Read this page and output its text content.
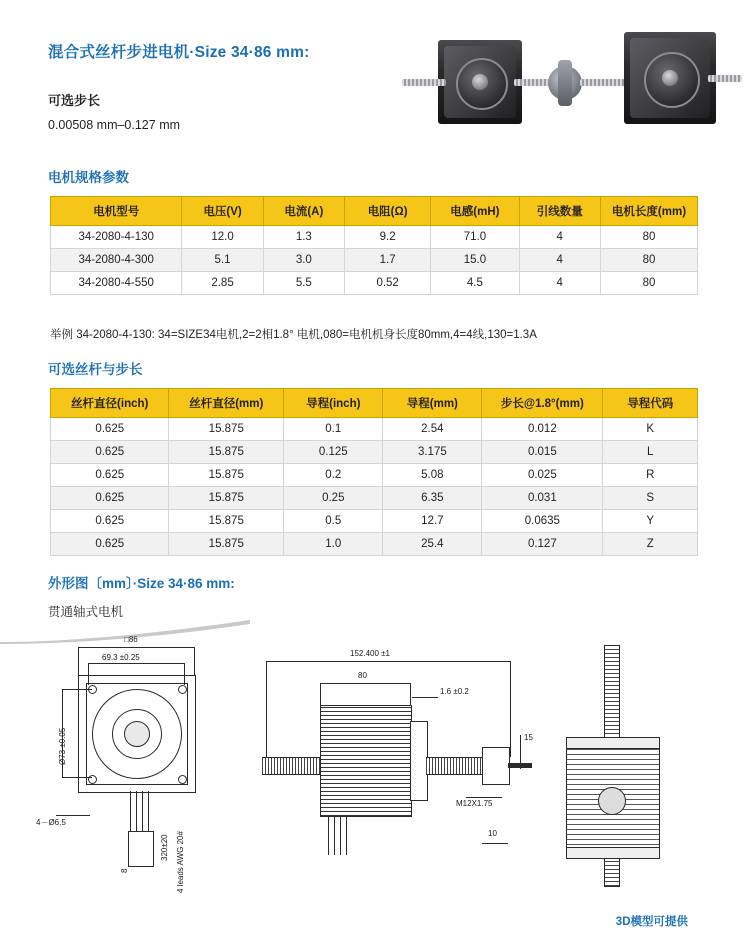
混合式丝杆步进电机·Size 34·86 mm:
可选步长
0.00508 mm–0.127 mm
电机规格参数
电机型号	电压(V)	电流(A)	电阻(Ω)	电感(mH)	引线数量	电机长度(mm)
34-2080-4-130	12.0	1.3	9.2	71.0	4	80
34-2080-4-300	5.1	3.0	1.7	15.0	4	80
34-2080-4-550	2.85	5.5	0.52	4.5	4	80
举例 34-2080-4-130: 34=SIZE34电机,2=2相1.8° 电机,080=电机机身长度80mm,4=4线,130=1.3A
可选丝杆与步长
丝杆直径(inch)	丝杆直径(mm)	导程(inch)	导程(mm)	步长@1.8°(mm)	导程代码
0.625	15.875	0.1	2.54	0.012	K
0.625	15.875	0.125	3.175	0.015	L
0.625	15.875	0.2	5.08	0.025	R
0.625	15.875	0.25	6.35	0.031	S
0.625	15.875	0.5	12.7	0.0635	Y
0.625	15.875	1.0	25.4	0.127	Z
外形图〔mm〕·Size 34·86 mm:
贯通轴式电机
□86
69.3 ±0.25
Ø73 ±0.05
4－Ø6.5
320±20 4 leads AWG 20#
8
152.400 ±1
80
1.6 ±0.2
15
10
M12X1.75
3D模型可提供
